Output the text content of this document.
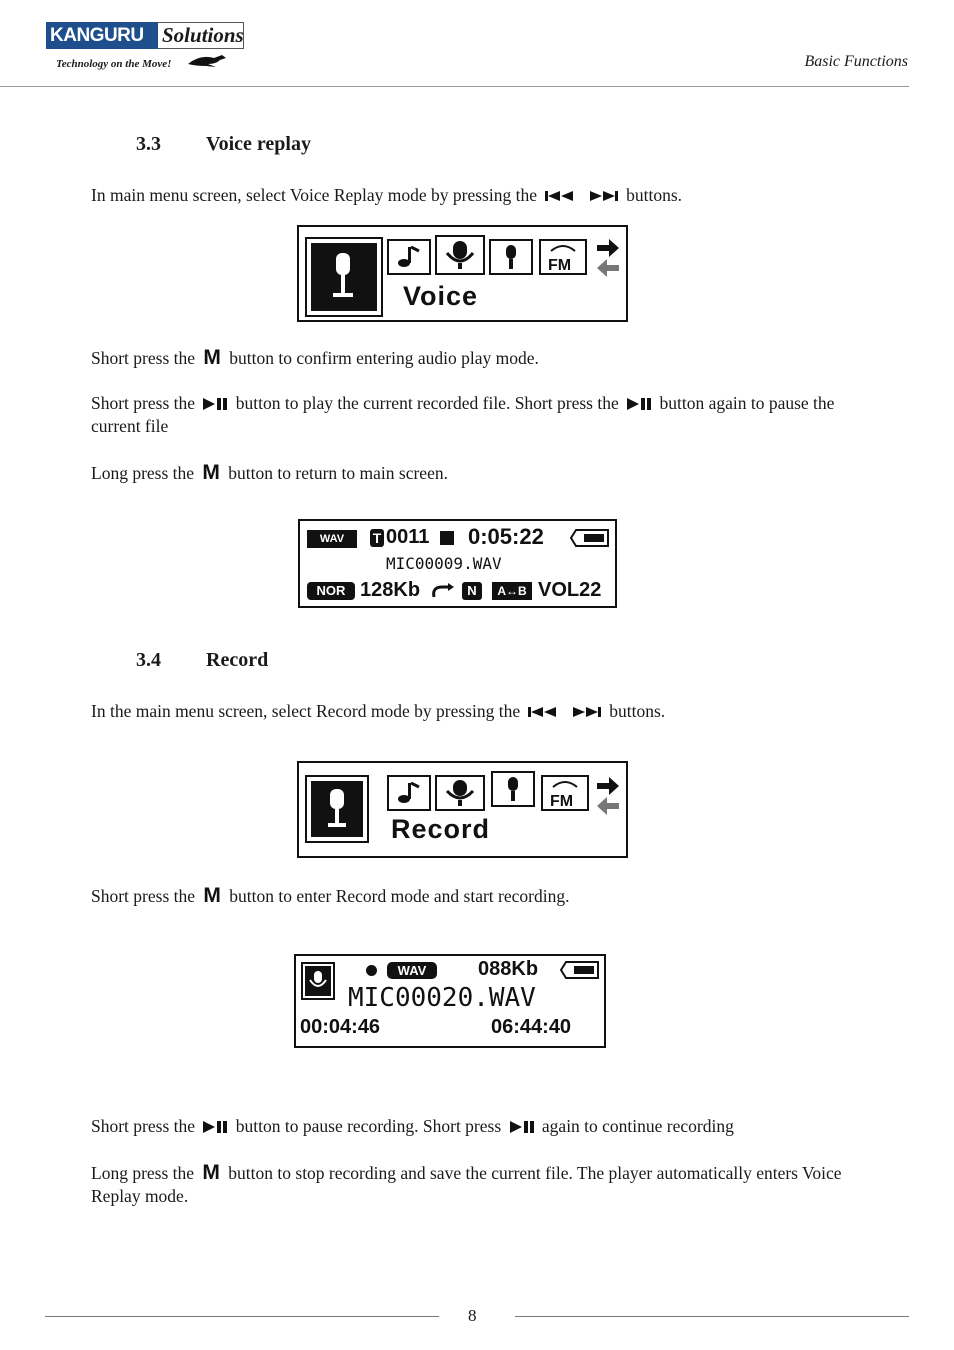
KANGURU Solutions
Technology on the Move!	Basic Functions
3.3 Voice replay
In main menu screen, select Voice Replay mode by pressing the	buttons.
FM
Voice
Short press the M button to confirm entering audio play mode.
Short press the button to play the current recorded file. Short press the button again to pause the current file
Long press the M button to return to main screen.
WAV	T 0011 0:05:22
MIC00009.WAV
NOR 128Kb	N	A↔B VOL22
3.4 Record
In the main menu screen, select Record mode by pressing the	buttons.
FM
Record
Short press the M button to enter Record mode and start recording.
WAV	088Kb
MIC00020.WAV
00:04:46	06:44:40
Short press the button to pause recording. Short press again to continue recording
Long press the M button to stop recording and save the current file. The player automatically enters Voice Replay mode.
8
